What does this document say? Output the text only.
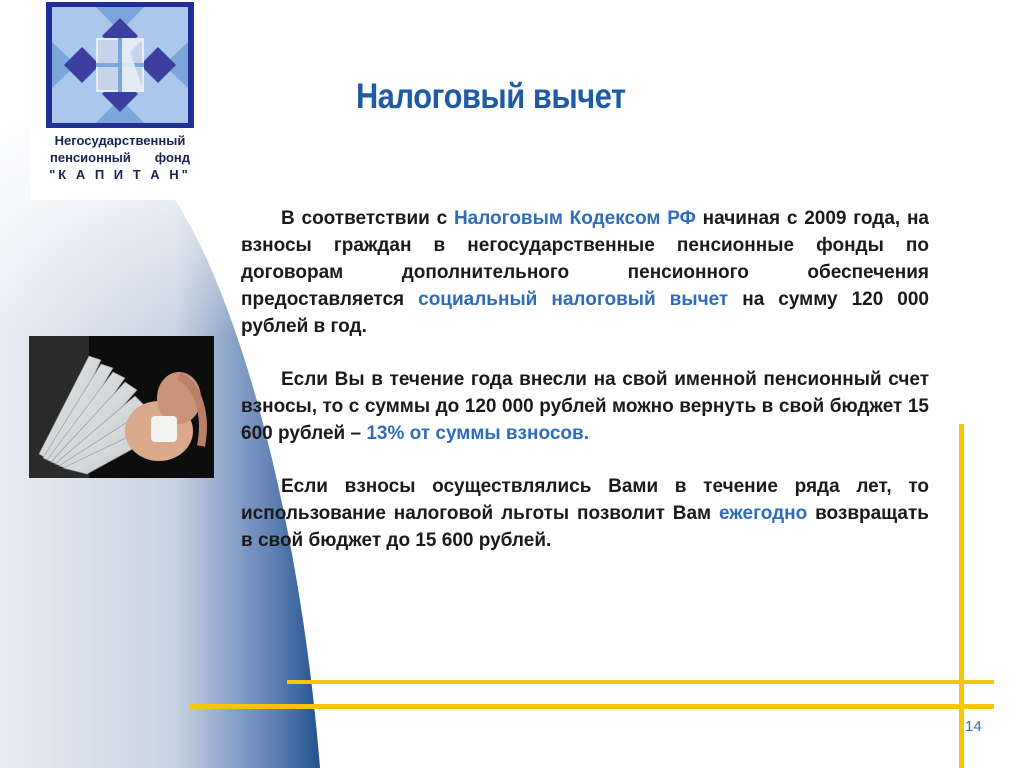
Негосударственный
пенсионный фонд
"К А П И Т А Н"
Налоговый вычет

В соответствии с Налоговым Кодексом РФ начиная с 2009 года, на взносы граждан в негосударственные пенсионные фонды по договорам дополнительного пенсионного обеспечения предоставляется социальный налоговый вычет на сумму 120 000 рублей в год.

Если Вы в течение года внесли на свой именной пенсионный счет взносы, то с суммы до 120 000 рублей можно вернуть в свой бюджет 15 600 рублей – 13% от суммы взносов.

Если взносы осуществлялись Вами в течение ряда лет, то использование налоговой льготы позволит Вам ежегодно возвращать в свой бюджет до 15 600 рублей.

14
